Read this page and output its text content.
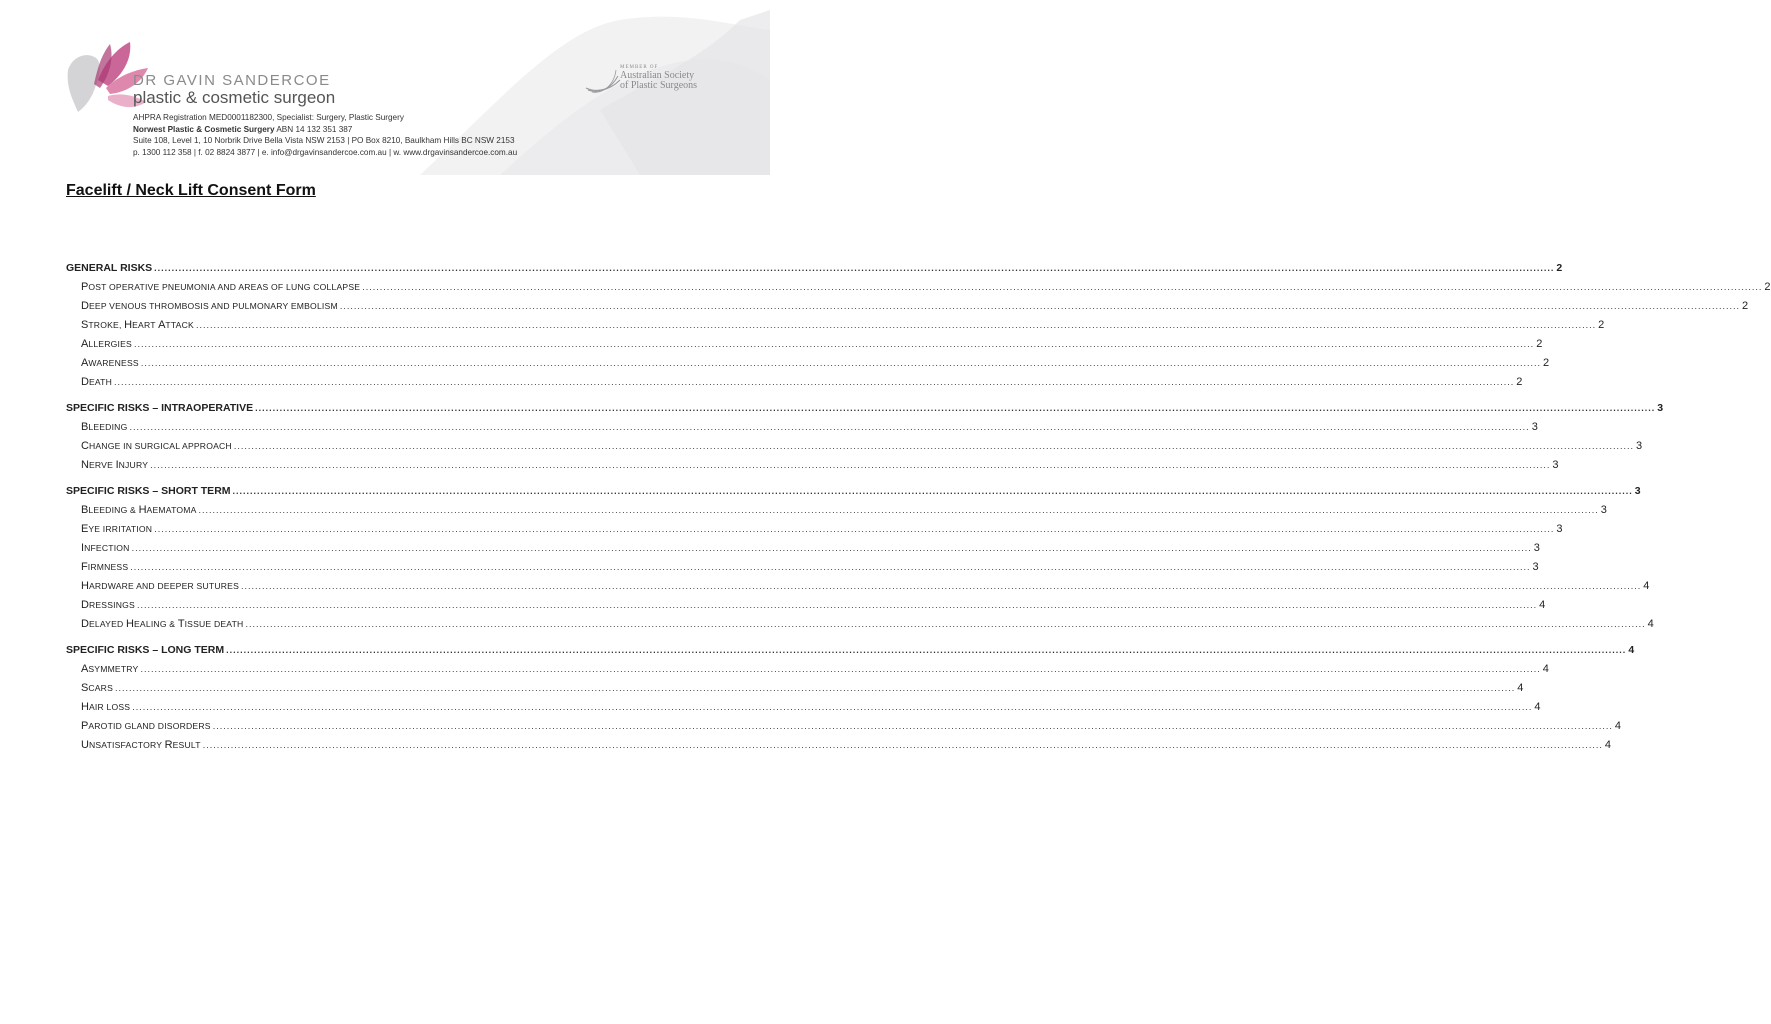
DR GAVIN SANDERCOE
plastic & cosmetic surgeon
AHPRA Registration MED0001182300, Specialist: Surgery, Plastic Surgery
Norwest Plastic & Cosmetic Surgery ABN 14 132 351 387
Suite 108, Level 1, 10 Norbrik Drive Bella Vista NSW 2153 | PO Box 8210, Baulkham Hills BC NSW 2153
p. 1300 112 358 | f. 02 8824 3877 | e. info@drgavinsandercoe.com.au | w. www.drgavinsandercoe.com.au
MEMBER OF
Australian Society
of Plastic Surgeons
Facelift / Neck Lift Consent Form
GENERAL RISKS ................................................................................................................................................................................................................................................................................................................................................................................................................ 2
POST OPERATIVE PNEUMONIA AND AREAS OF LUNG COLLAPSE ................................................................................................................................................................................................................................................................................................................................................................................................................ 2
DEEP VENOUS THROMBOSIS AND PULMONARY EMBOLISM ................................................................................................................................................................................................................................................................................................................................................................................................................ 2
STROKE, HEART ATTACK ................................................................................................................................................................................................................................................................................................................................................................................................................ 2
ALLERGIES ................................................................................................................................................................................................................................................................................................................................................................................................................ 2
AWARENESS ................................................................................................................................................................................................................................................................................................................................................................................................................ 2
DEATH ................................................................................................................................................................................................................................................................................................................................................................................................................ 2
SPECIFIC RISKS – INTRAOPERATIVE ................................................................................................................................................................................................................................................................................................................................................................................................................ 3
BLEEDING ................................................................................................................................................................................................................................................................................................................................................................................................................ 3
CHANGE IN SURGICAL APPROACH ................................................................................................................................................................................................................................................................................................................................................................................................................ 3
NERVE INJURY ................................................................................................................................................................................................................................................................................................................................................................................................................ 3
SPECIFIC RISKS – SHORT TERM ................................................................................................................................................................................................................................................................................................................................................................................................................ 3
BLEEDING & HAEMATOMA ................................................................................................................................................................................................................................................................................................................................................................................................................ 3
EYE IRRITATION ................................................................................................................................................................................................................................................................................................................................................................................................................ 3
INFECTION ................................................................................................................................................................................................................................................................................................................................................................................................................ 3
FIRMNESS ................................................................................................................................................................................................................................................................................................................................................................................................................ 3
HARDWARE AND DEEPER SUTURES ................................................................................................................................................................................................................................................................................................................................................................................................................ 4
DRESSINGS ................................................................................................................................................................................................................................................................................................................................................................................................................ 4
DELAYED HEALING & TISSUE DEATH ................................................................................................................................................................................................................................................................................................................................................................................................................ 4
SPECIFIC RISKS – LONG TERM ................................................................................................................................................................................................................................................................................................................................................................................................................ 4
ASYMMETRY ................................................................................................................................................................................................................................................................................................................................................................................................................ 4
SCARS ................................................................................................................................................................................................................................................................................................................................................................................................................ 4
HAIR LOSS ................................................................................................................................................................................................................................................................................................................................................................................................................ 4
PAROTID GLAND DISORDERS ................................................................................................................................................................................................................................................................................................................................................................................................................ 4
UNSATISFACTORY RESULT ................................................................................................................................................................................................................................................................................................................................................................................................................ 4
